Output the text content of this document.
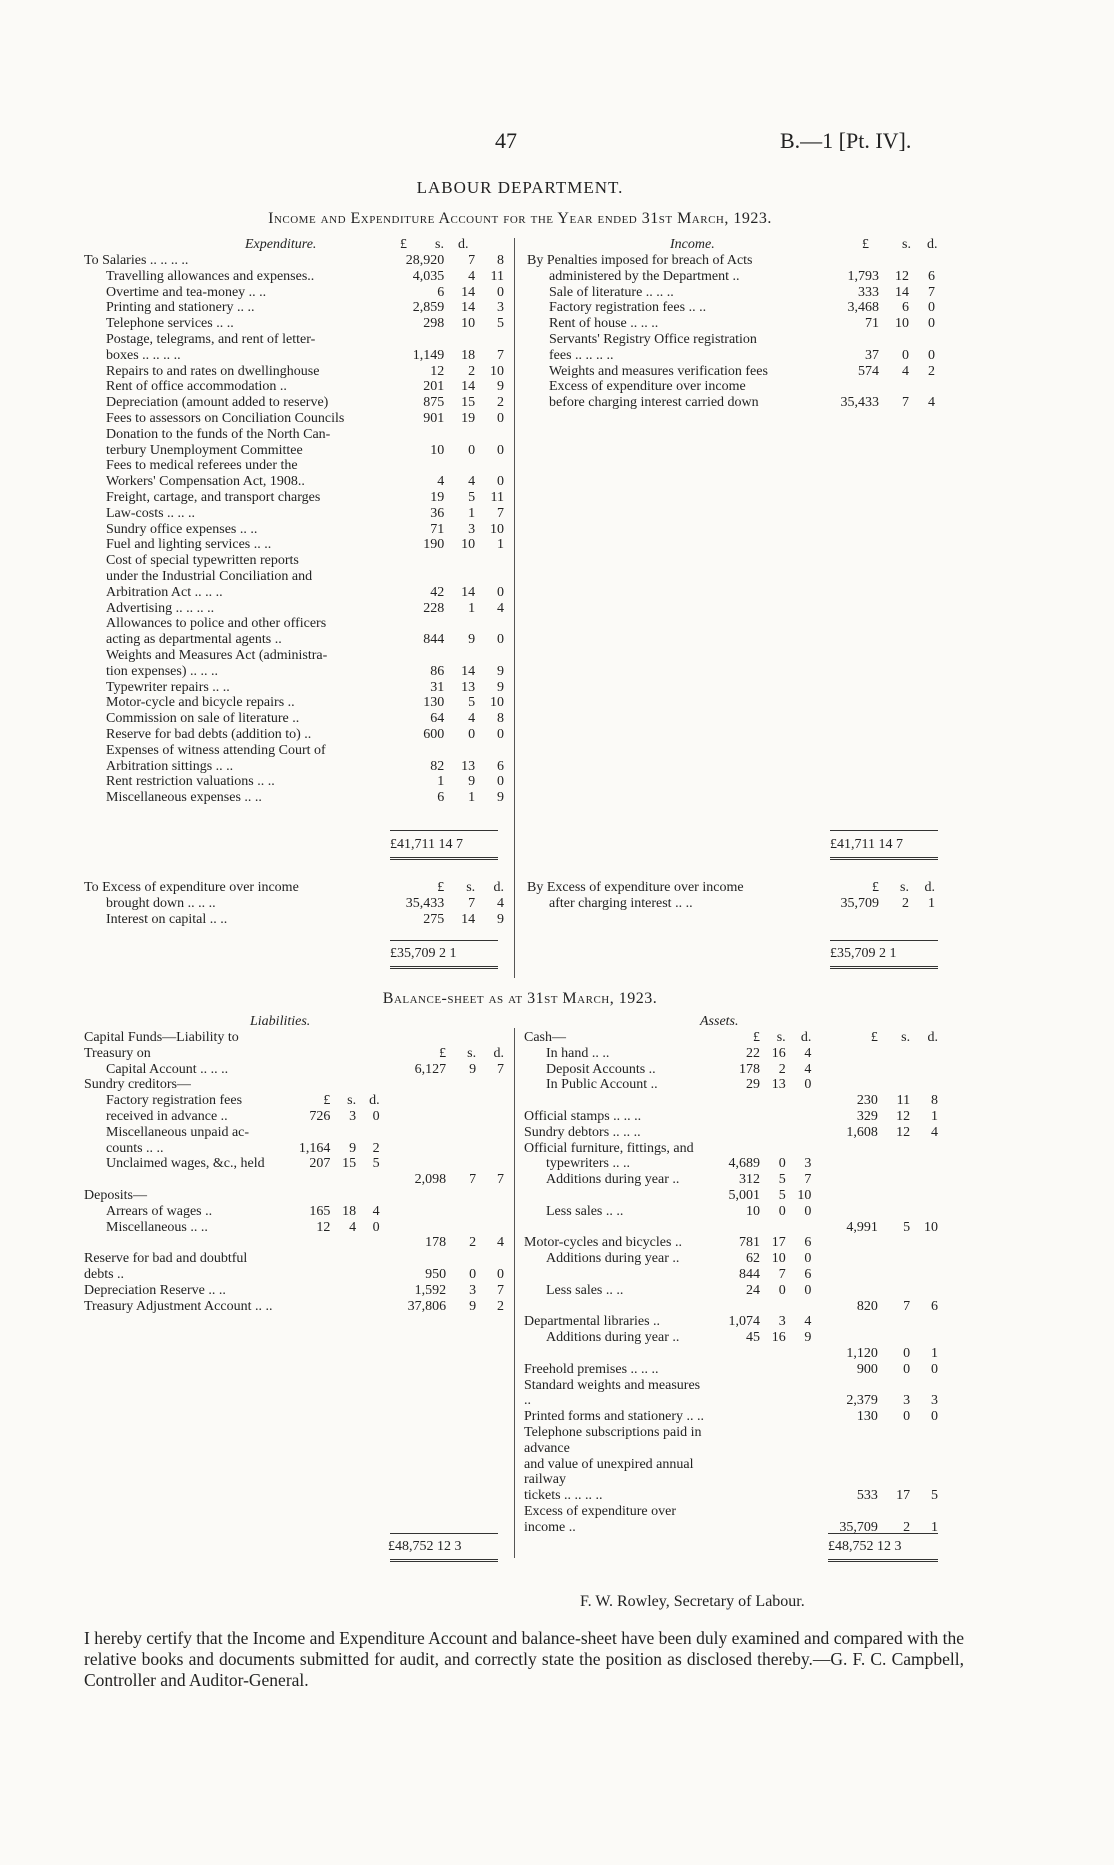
47	B.—1 [Pt. IV].
LABOUR DEPARTMENT.
Income and Expenditure Account for the Year ended 31st March, 1923.
Expenditure.	£ s. d.	Income.	£ s. d.
To Salaries .. .. .. ..	28,920	7	8

Travelling allowances and expenses..	4,035	4	11

Overtime and tea-money .. ..	6	14	0

Printing and stationery .. ..	2,859	14	3

Telephone services .. ..	298	10	5

Postage, telegrams, and rent of letter-			

boxes .. .. .. ..	1,149	18	7

Repairs to and rates on dwellinghouse	12	2	10

Rent of office accommodation ..	201	14	9

Depreciation (amount added to reserve)	875	15	2

Fees to assessors on Conciliation Councils	901	19	0

Donation to the funds of the North Can-			

terbury Unemployment Committee	10	0	0

Fees to medical referees under the			

Workers' Compensation Act, 1908..	4	4	0

Freight, cartage, and transport charges	19	5	11

Law-costs .. .. ..	36	1	7

Sundry office expenses .. ..	71	3	10

Fuel and lighting services .. ..	190	10	1

Cost of special typewritten reports			

under the Industrial Conciliation and			

Arbitration Act .. .. ..	42	14	0

Advertising .. .. .. ..	228	1	4

Allowances to police and other officers			

acting as departmental agents ..	844	9	0

Weights and Measures Act (administra-			

tion expenses) .. .. ..	86	14	9

Typewriter repairs .. ..	31	13	9

Motor-cycle and bicycle repairs ..	130	5	10

Commission on sale of literature ..	64	4	8

Reserve for bad debts (addition to) ..	600	0	0

Expenses of witness attending Court of			

Arbitration sittings .. ..	82	13	6

Rent restriction valuations .. ..	1	9	0

Miscellaneous expenses .. ..	6	1	9
By Penalties imposed for breach of Acts			

administered by the Department ..	1,793	12	6

Sale of literature .. .. ..	333	14	7

Factory registration fees .. ..	3,468	6	0

Rent of house .. .. ..	71	10	0

Servants' Registry Office registration			

fees .. .. .. ..	37	0	0

Weights and measures verification fees	574	4	2

Excess of expenditure over income			

before charging interest carried down	35,433	7	4
£41,711 14 7	£41,711 14 7
To Excess of expenditure over income	£	s.	d.

brought down .. .. ..	35,433	7	4

Interest on capital .. ..	275	14	9
By Excess of expenditure over income	£	s.	d.

after charging interest .. ..	35,709	2	1
£35,709 2 1	£35,709 2 1
Balance-sheet as at 31st March, 1923.
Liabilities.	Assets.
Capital Funds—Liability to Treasury on				£	s.	d.

Capital Account .. .. ..				6,127	9	7
Sundry creditors—						

Factory registration fees	£	s.	d.			

received in advance ..	726	3	0			

Miscellaneous unpaid ac-						

counts .. ..	1,164	9	2			

Unclaimed wages, &c., held	207	15	5			
				2,098	7	7
Deposits—						

Arrears of wages ..	165	18	4			

Miscellaneous .. ..	12	4	0			
				178	2	4
Reserve for bad and doubtful debts ..				950	0	0
Depreciation Reserve .. ..				1,592	3	7
Treasury Adjustment Account .. ..				37,806	9	2
Cash—	£	s.	d.	£	s.	d.

In hand .. ..	22	16	4			

Deposit Accounts ..	178	2	4			

In Public Account ..	29	13	0			
				230	11	8
Official stamps .. .. ..				329	12	1
Sundry debtors .. .. ..				1,608	12	4
Official furniture, fittings, and						

typewriters .. ..	4,689	0	3			

Additions during year ..	312	5	7			

	5,001	5	10			

Less sales .. ..	10	0	0			
				4,991	5	10
Motor-cycles and bicycles ..	781	17	6			

Additions during year ..	62	10	0			

	844	7	6			

Less sales .. ..	24	0	0			
				820	7	6
Departmental libraries ..	1,074	3	4			

Additions during year ..	45	16	9			
				1,120	0	1
Freehold premises .. .. ..				900	0	0
Standard weights and measures ..				2,379	3	3
Printed forms and stationery .. ..				130	0	0
Telephone subscriptions paid in advance						
and value of unexpired annual railway						
tickets .. .. .. ..				533	17	5
Excess of expenditure over income ..				35,709	2	1
£48,752 12 3	£48,752 12 3
F. W. Rowley, Secretary of Labour.
I hereby certify that the Income and Expenditure Account and balance-sheet have been duly examined and compared with the relative books and documents submitted for audit, and correctly state the position as disclosed thereby.—G. F. C. Campbell, Controller and Auditor-General.
